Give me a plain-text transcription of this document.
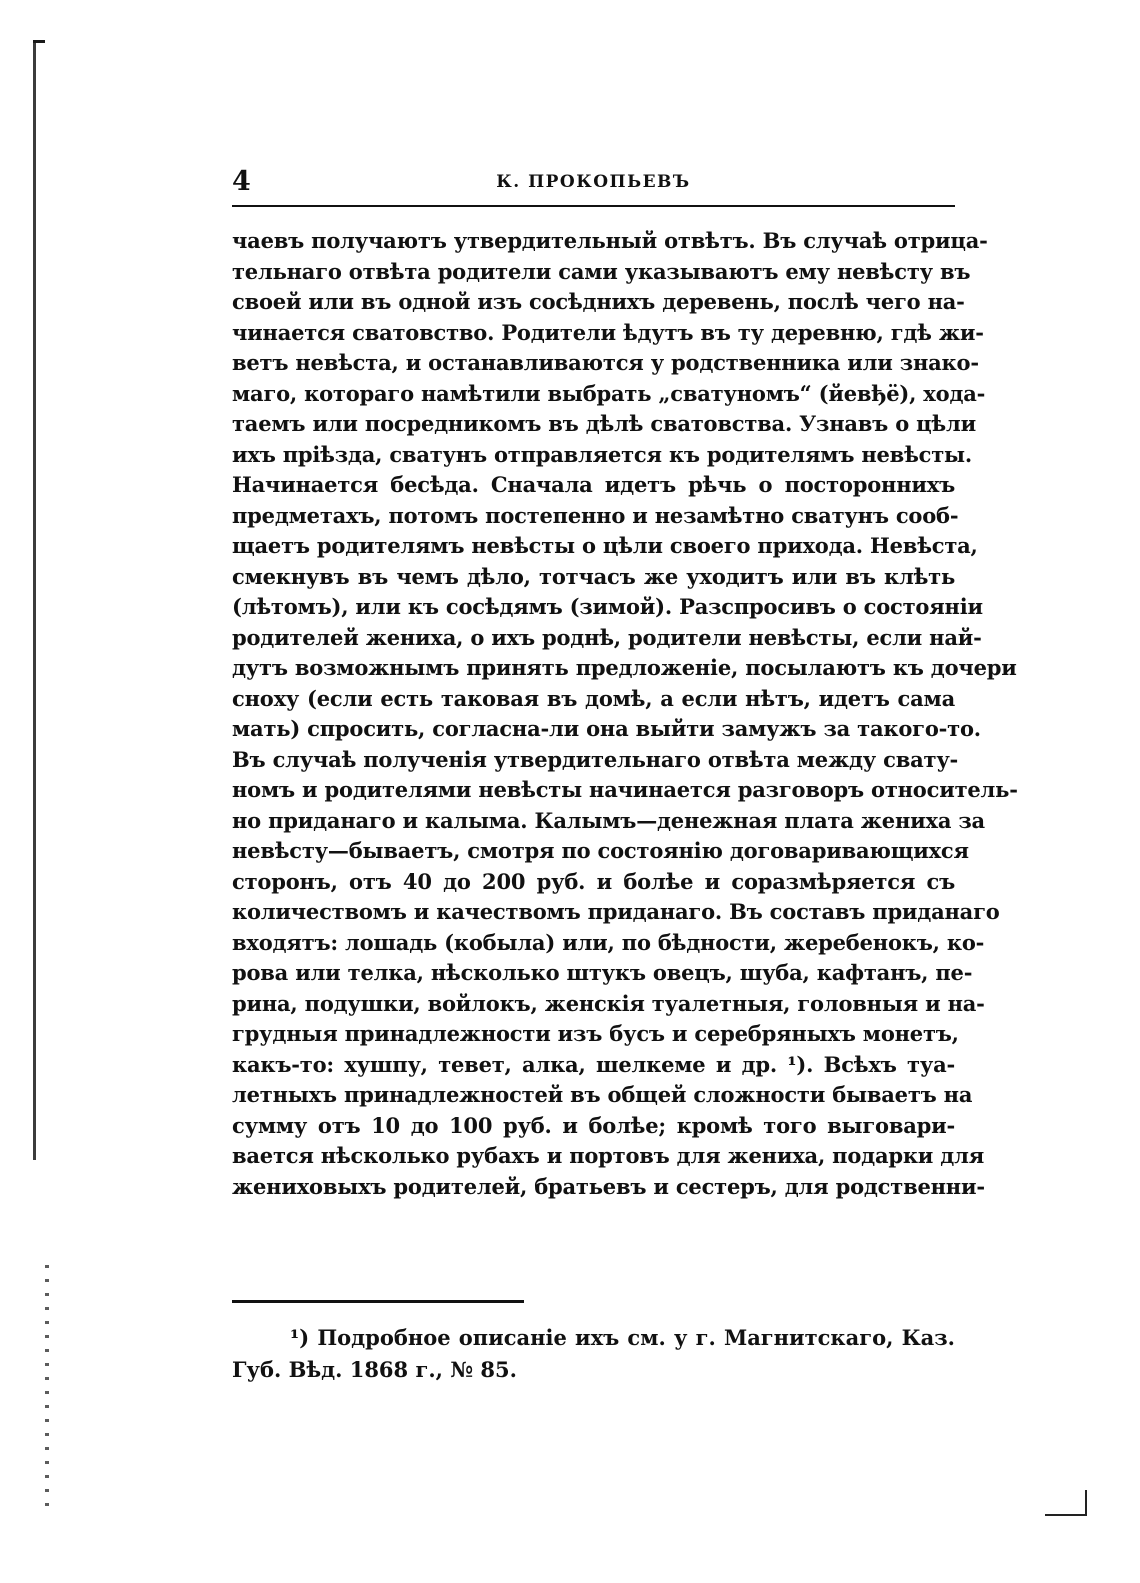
4	К. ПРОКОПЬЕВЪ
чаевъ получаютъ утвердительный отвѣтъ. Въ случаѣ отрица-
тельнаго отвѣта родители сами указываютъ ему невѣсту въ
своей или въ одной изъ сосѣднихъ деревень, послѣ чего на-
чинается сватовство. Родители ѣдутъ въ ту деревню, гдѣ жи-
ветъ невѣста, и останавливаются у родственника или знако-
маго, котораго намѣтили выбрать „сватуномъ“ (йевђё), хода-
таемъ или посредникомъ въ дѣлѣ сватовства. Узнавъ о цѣли
ихъ пріѣзда, сватунъ отправляется къ родителямъ невѣсты.
Начинается бесѣда. Сначала идетъ рѣчь о постороннихъ
предметахъ, потомъ постепенно и незамѣтно сватунъ сооб-
щаетъ родителямъ невѣсты о цѣли своего прихода. Невѣста,
смекнувъ въ чемъ дѣло, тотчасъ же уходитъ или въ клѣть
(лѣтомъ), или къ сосѣдямъ (зимой). Разспросивъ о состояніи
родителей жениха, о ихъ роднѣ, родители невѣсты, если най-
дутъ возможнымъ принять предложеніе, посылаютъ къ дочери
сноху (если есть таковая въ домѣ, а если нѣтъ, идетъ сама
мать) спросить, согласна-ли она выйти замужъ за такого-то.
Въ случаѣ полученія утвердительнаго отвѣта между свату-
номъ и родителями невѣсты начинается разговоръ относитель-
но приданаго и калыма. Калымъ—денежная плата жениха за
невѣсту—бываетъ, смотря по состоянію договаривающихся
сторонъ, отъ 40 до 200 руб. и болѣе и соразмѣряется съ
количествомъ и качествомъ приданаго. Въ составъ приданаго
входятъ: лошадь (кобыла) или, по бѣдности, жеребенокъ, ко-
рова или телка, нѣсколько штукъ овецъ, шуба, кафтанъ, пе-
рина, подушки, войлокъ, женскія туалетныя, головныя и на-
грудныя принадлежности изъ бусъ и серебряныхъ монетъ,
какъ-то: хушпу, тевет, алка, шелкеме и др. ¹). Всѣхъ туа-
летныхъ принадлежностей въ общей сложности бываетъ на
сумму отъ 10 до 100 руб. и болѣе; кромѣ того выговари-
вается нѣсколько рубахъ и портовъ для жениха, подарки для
жениховыхъ родителей, братьевъ и сестеръ, для родственни-
¹) Подробное описаніе ихъ см. у г. Магнитскаго, Каз.
Губ. Вѣд. 1868 г., № 85.
